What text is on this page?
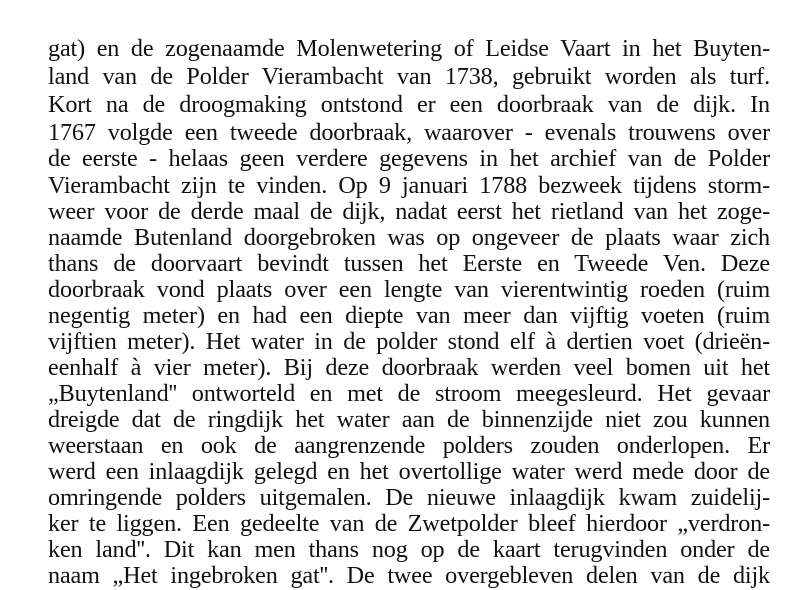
gat) en de zogenaamde Molenwetering of Leidse Vaart in het Buyten-
land van de Polder Vierambacht van 1738, gebruikt worden als turf.
Kort na de droogmaking ontstond er een doorbraak van de dijk. In
1767 volgde een tweede doorbraak, waarover - evenals trouwens over
de eerste - helaas geen verdere gegevens in het archief van de Polder
Vierambacht zijn te vinden. Op 9 januari 1788 bezweek tijdens storm-
weer voor de derde maal de dijk, nadat eerst het rietland van het zoge-
naamde Butenland doorgebroken was op ongeveer de plaats waar zich
thans de doorvaart bevindt tussen het Eerste en Tweede Ven. Deze
doorbraak vond plaats over een lengte van vierentwintig roeden (ruim
negentig meter) en had een diepte van meer dan vijftig voeten (ruim
vijftien meter). Het water in de polder stond elf à dertien voet (drieën-
eenhalf à vier meter). Bij deze doorbraak werden veel bomen uit het
„Buytenland'' ontworteld en met de stroom meegesleurd. Het gevaar
dreigde dat de ringdijk het water aan de binnenzijde niet zou kunnen
weerstaan en ook de aangrenzende polders zouden onderlopen. Er
werd een inlaagdijk gelegd en het overtollige water werd mede door de
omringende polders uitgemalen. De nieuwe inlaagdijk kwam zuidelij-
ker te liggen. Een gedeelte van de Zwetpolder bleef hierdoor „verdron-
ken land''. Dit kan men thans nog op de kaart terugvinden onder de
naam „Het ingebroken gat''. De twee overgebleven delen van de dijk
